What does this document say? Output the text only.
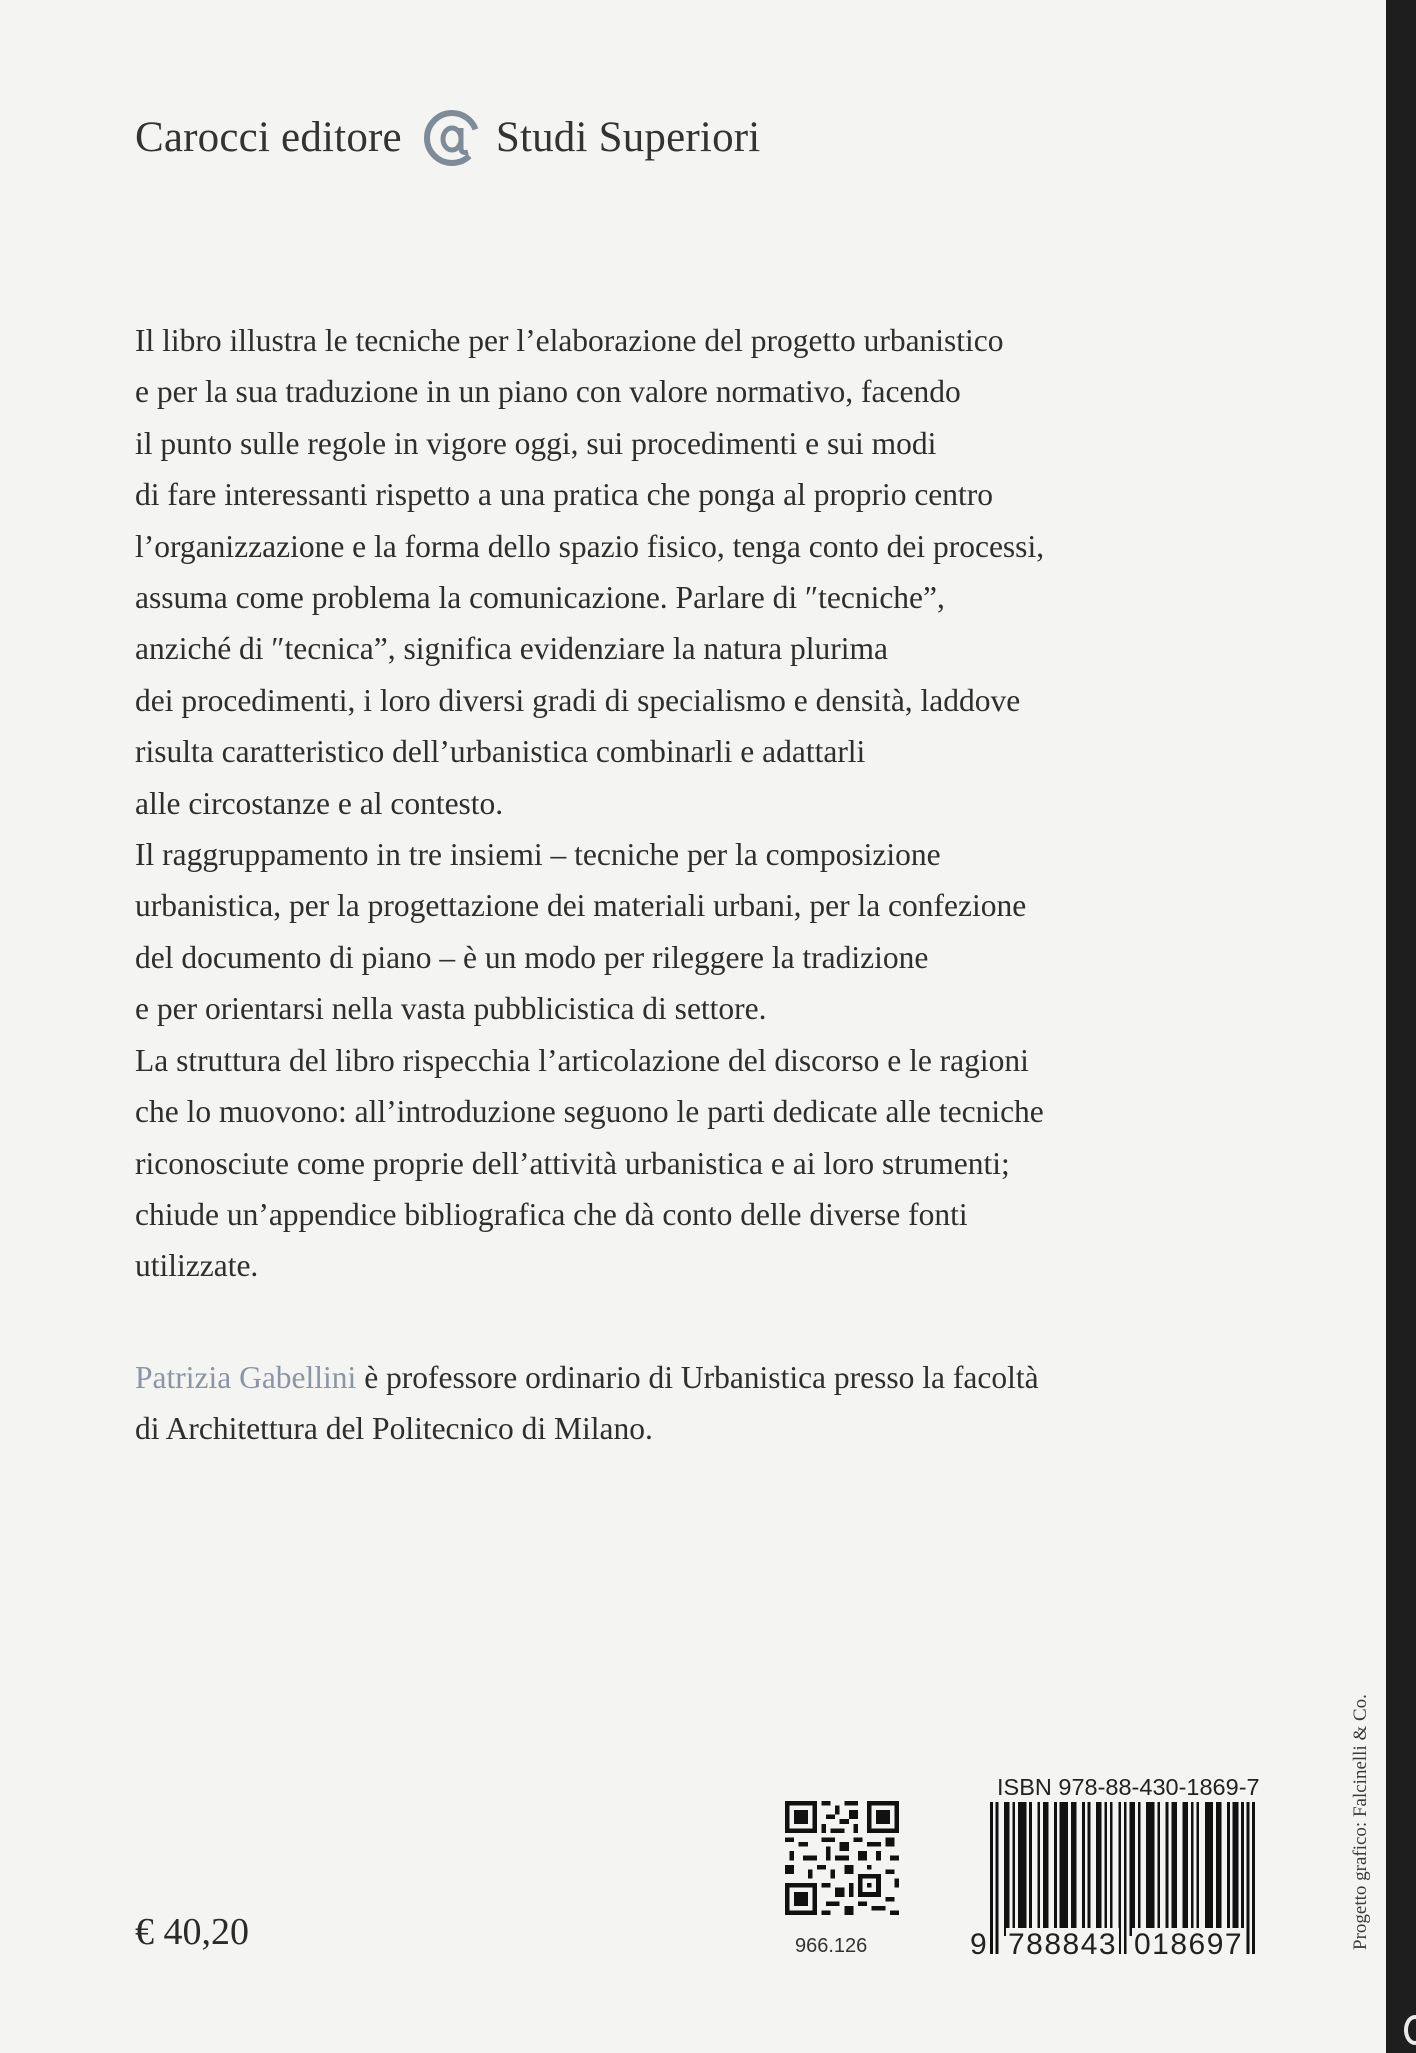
Carocci editore Studi Superiori
Il libro illustra le tecniche per l’elaborazione del progetto urbanistico
e per la sua traduzione in un piano con valore normativo, facendo
il punto sulle regole in vigore oggi, sui procedimenti e sui modi
di fare interessanti rispetto a una pratica che ponga al proprio centro
l’organizzazione e la forma dello spazio fisico, tenga conto dei processi,
assuma come problema la comunicazione. Parlare di ″tecniche”,
anziché di ″tecnica”, significa evidenziare la natura plurima
dei procedimenti, i loro diversi gradi di specialismo e densità, laddove
risulta caratteristico dell’urbanistica combinarli e adattarli
alle circostanze e al contesto.
Il raggruppamento in tre insiemi – tecniche per la composizione
urbanistica, per la progettazione dei materiali urbani, per la confezione
del documento di piano – è un modo per rileggere la tradizione
e per orientarsi nella vasta pubblicistica di settore.
La struttura del libro rispecchia l’articolazione del discorso e le ragioni
che lo muovono: all’introduzione seguono le parti dedicate alle tecniche
riconosciute come proprie dell’attività urbanistica e ai loro strumenti;
chiude un’appendice bibliografica che dà conto delle diverse fonti
utilizzate.
Patrizia Gabellini è professore ordinario di Urbanistica presso la facoltà
di Architettura del Politecnico di Milano.
€ 40,20	966.126
ISBN 978-88-430-1869-7
9 788843 018697	Progetto grafico: Falcinelli & Co.
